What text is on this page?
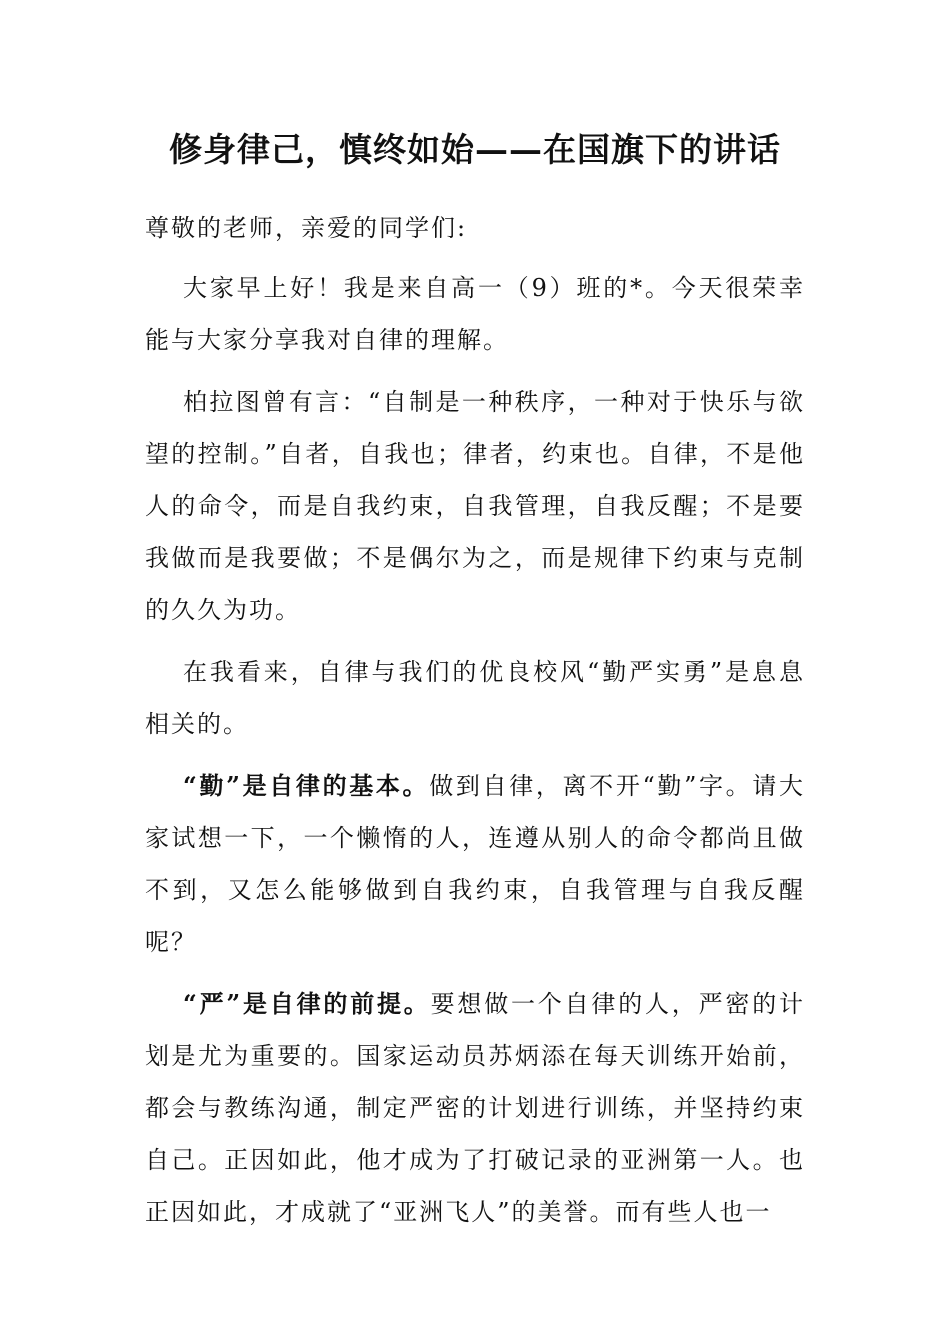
修身律己，慎终如始——在国旗下的讲话

尊敬的老师，亲爱的同学们:

大家早上好！我是来自高一（9）班的*。今天很荣幸能与大家分享我对自律的理解。

柏拉图曾有言：“自制是一种秩序，一种对于快乐与欲望的控制。”自者，自我也；律者，约束也。自律，不是他人的命令，而是自我约束，自我管理，自我反醒；不是要我做而是我要做；不是偶尔为之，而是规律下约束与克制的久久为功。

在我看来，自律与我们的优良校风“勤严实勇”是息息相关的。

“勤”是自律的基本。做到自律，离不开“勤”字。请大家试想一下，一个懒惰的人，连遵从别人的命令都尚且做不到，又怎么能够做到自我约束，自我管理与自我反醒呢？

“严”是自律的前提。要想做一个自律的人，严密的计划是尤为重要的。国家运动员苏炳添在每天训练开始前，都会与教练沟通，制定严密的计划进行训练，并坚持约束自己。正因如此，他才成为了打破记录的亚洲第一人。也正因如此，才成就了“亚洲飞人”的美誉。而有些人也一
